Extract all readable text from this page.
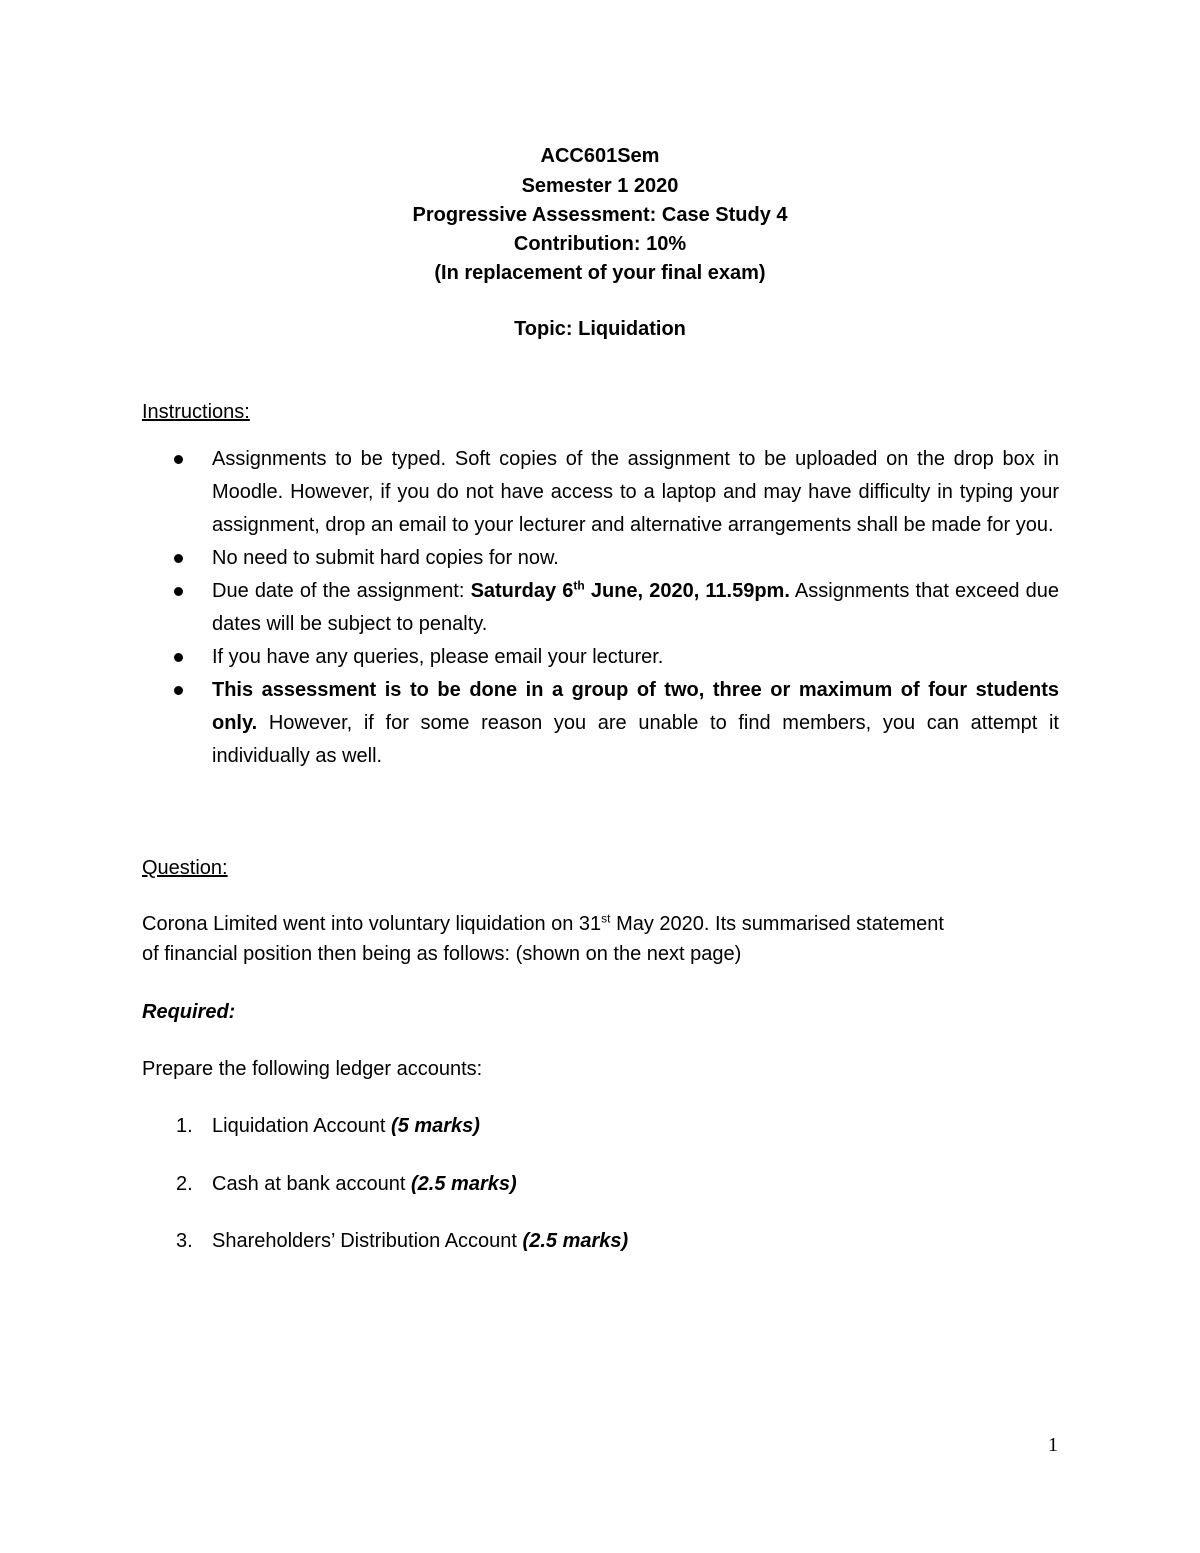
ACC601Sem
Semester 1 2020
Progressive Assessment: Case Study 4
Contribution: 10%
(In replacement of your final exam)
Topic: Liquidation
Instructions:
Assignments to be typed. Soft copies of the assignment to be uploaded on the drop box in Moodle. However, if you do not have access to a laptop and may have difficulty in typing your assignment, drop an email to your lecturer and alternative arrangements shall be made for you.
No need to submit hard copies for now.
Due date of the assignment: Saturday 6th June, 2020, 11.59pm. Assignments that exceed due dates will be subject to penalty.
If you have any queries, please email your lecturer.
This assessment is to be done in a group of two, three or maximum of four students only. However, if for some reason you are unable to find members, you can attempt it individually as well.
Question:
Corona Limited went into voluntary liquidation on 31st May 2020. Its summarised statement
of financial position then being as follows: (shown on the next page)
Required:
Prepare the following ledger accounts:
1. Liquidation Account (5 marks)
2. Cash at bank account (2.5 marks)
3. Shareholders’ Distribution Account (2.5 marks)
1
